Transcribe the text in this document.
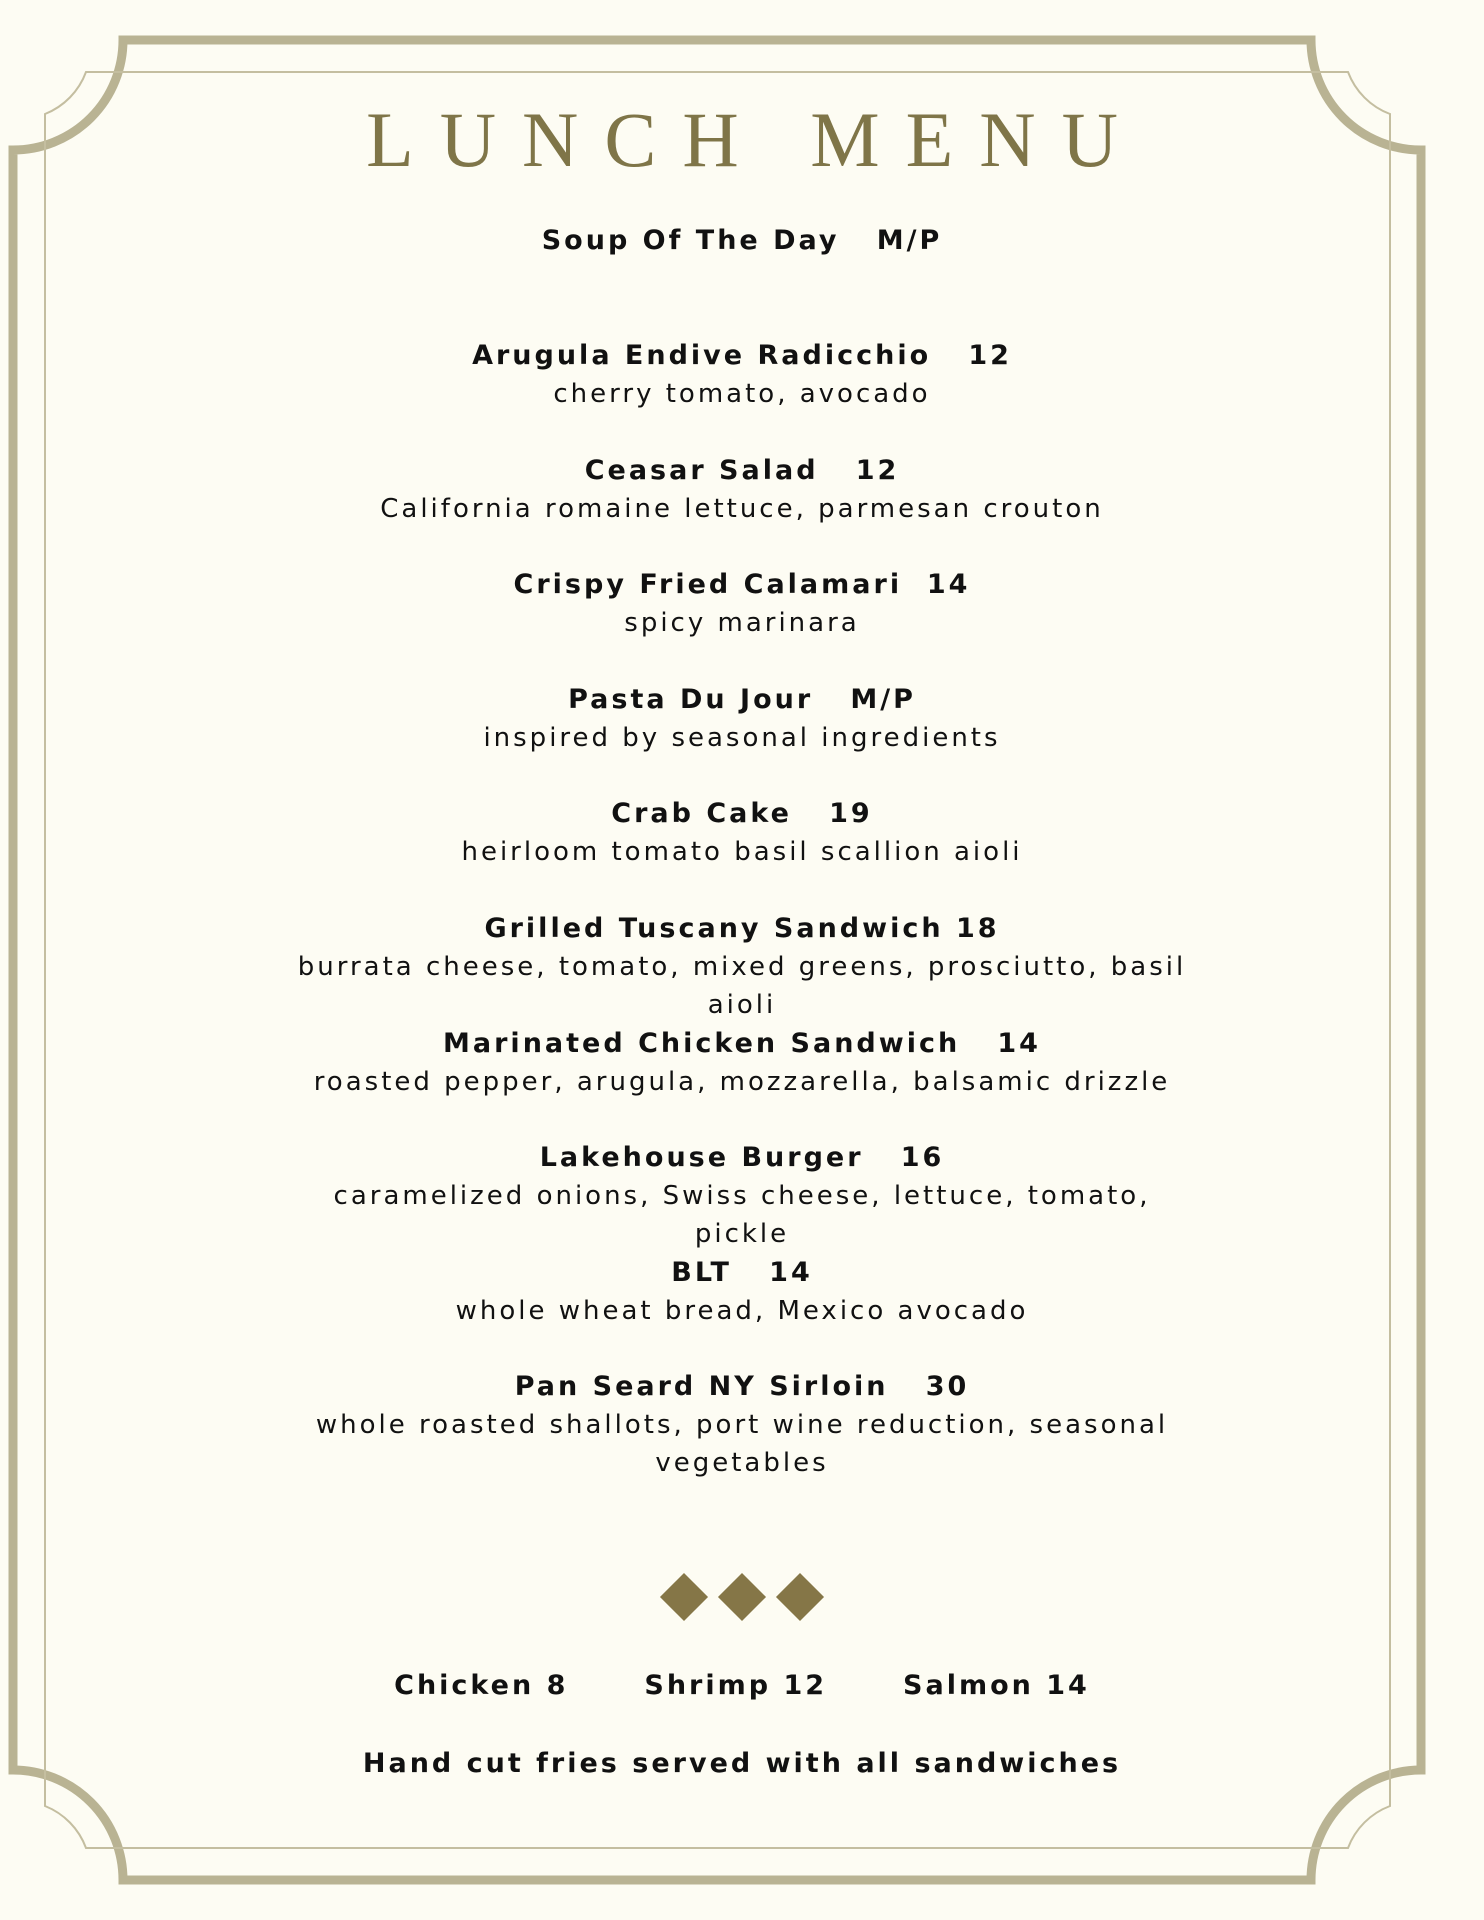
LUNCH MENU
Soup Of The Day   M/P
Arugula Endive Radicchio   12
cherry tomato, avocado
Ceasar Salad   12
California romaine lettuce, parmesan crouton
Crispy Fried Calamari  14
spicy marinara
Pasta Du Jour   M/P
inspired by seasonal ingredients
Crab Cake   19
heirloom tomato basil scallion aioli
Grilled Tuscany Sandwich 18
burrata cheese, tomato, mixed greens, prosciutto, basil aioli
Marinated Chicken Sandwich   14
roasted pepper, arugula, mozzarella, balsamic drizzle
Lakehouse Burger   16
caramelized onions, Swiss cheese, lettuce, tomato, pickle
BLT   14
whole wheat bread, Mexico avocado
Pan Seard NY Sirloin   30
whole roasted shallots, port wine reduction, seasonal vegetables
Chicken 8	Shrimp 12	Salmon 14
Hand cut fries served with all sandwiches
